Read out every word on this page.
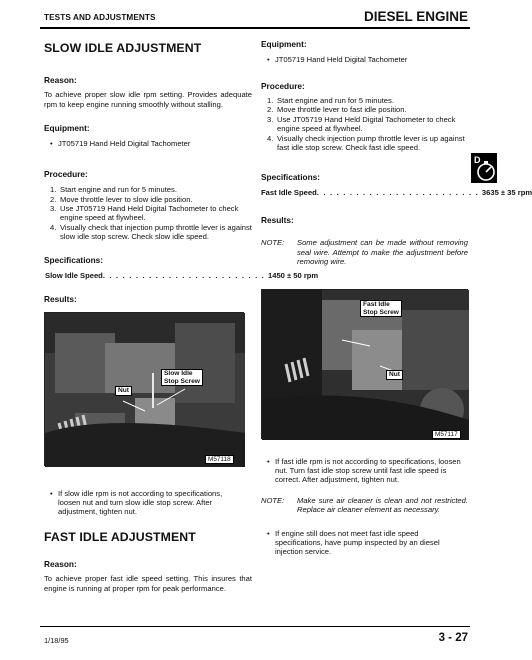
TESTS AND ADJUSTMENTS	DIESEL ENGINE
SLOW IDLE ADJUSTMENT
Reason:

To achieve proper slow idle rpm setting. Provides adequate rpm to keep engine running smoothly without stalling.

Equipment:
• JT05719 Hand Held Digital Tachometer
Procedure:
1. Start engine and run for 5 minutes.
2. Move throttle lever to slow idle position.
3. Use JT05719 Hand Held Digital Tachometer to check engine speed at flywheel.
4. Visually check that injection pump throttle lever is against slow idle stop screw. Check slow idle speed.
Specifications:
Slow Idle Speed . . . . . . . . . . . . . . . . . . . . . . . . . 1450 ± 50 rpm
Results:
Slow Idle
Stop Screw
Nut
M57118
• If slow idle rpm is not according to specifications, loosen nut and turn slow idle stop screw. After adjustment, tighten nut.
FAST IDLE ADJUSTMENT
Reason:

To achieve proper fast idle speed setting. This insures that engine is running at proper rpm for peak performance.

Equipment:
• JT05719 Hand Held Digital Tachometer
Procedure:
1. Start engine and run for 5 minutes.
2. Move throttle lever to fast idle position.
3. Use JT05719 Hand Held Digital Tachometer to check engine speed at flywheel.
4. Visually check injection pump throttle lever is up against fast idle stop screw. Check fast idle speed.
Specifications:
Fast Idle Speed . . . . . . . . . . . . . . . . . . . . . . . . . 3635 ± 35 rpm
Results:
NOTE:	Some adjustment can be made without removing seal wire. Attempt to make the adjustment before removing wire.
D
Fast Idle
Stop Screw
Nut
M57117
• If fast idle rpm is not according to specifications, loosen nut. Turn fast idle stop screw until fast idle speed is correct. After adjustment, tighten nut.
NOTE:	Make sure air cleaner is clean and not restricted. Replace air cleaner element as necessary.
• If engine still does not meet fast idle speed specifications, have pump inspected by an diesel injection service.
1/18/95	3 - 27
